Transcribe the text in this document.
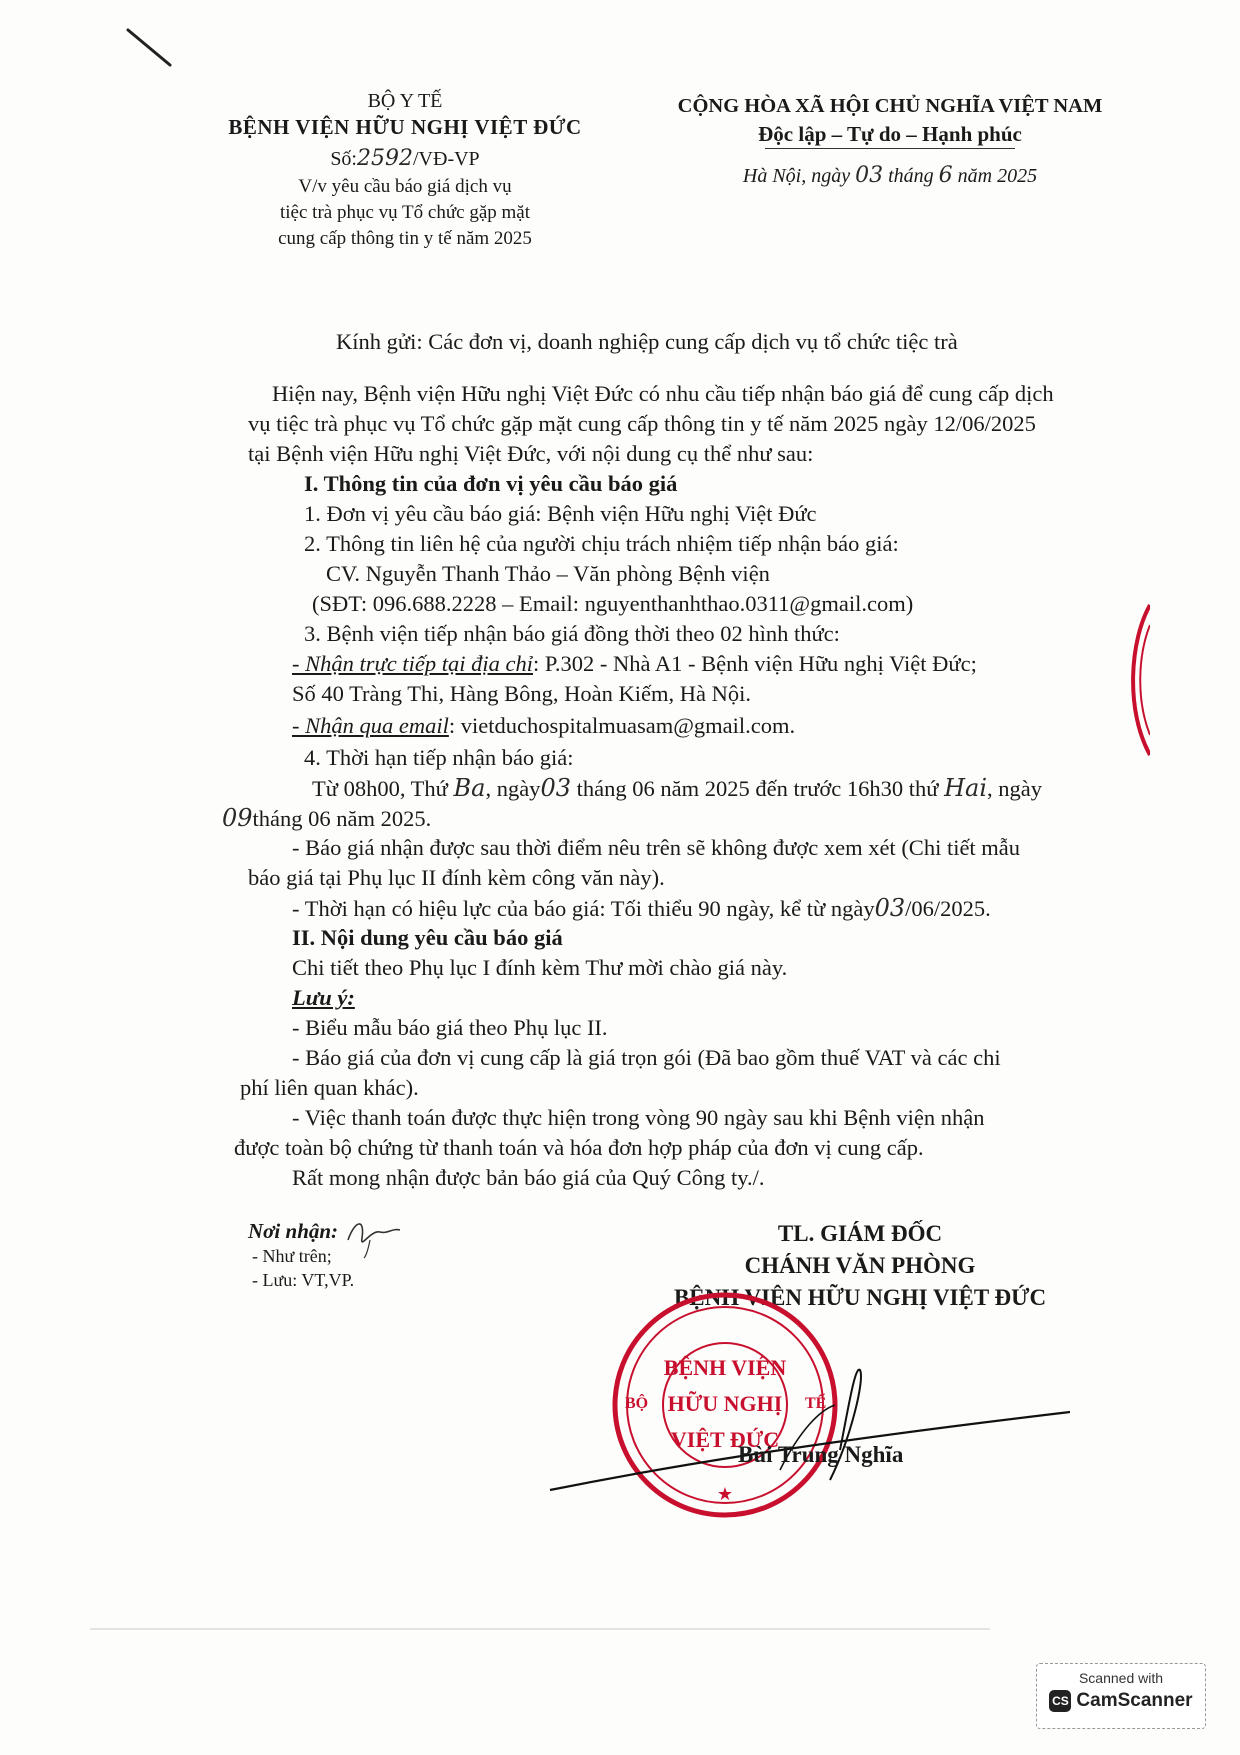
BỘ Y TẾ
BỆNH VIỆN HỮU NGHỊ VIỆT ĐỨC
Số:2592/VĐ-VP
V/v yêu cầu báo giá dịch vụ
tiệc trà phục vụ Tổ chức gặp mặt
cung cấp thông tin y tế năm 2025
CỘNG HÒA XÃ HỘI CHỦ NGHĨA VIỆT NAM
Độc lập – Tự do – Hạnh phúc
Hà Nội, ngày 03 tháng 6 năm 2025
Kính gửi: Các đơn vị, doanh nghiệp cung cấp dịch vụ tổ chức tiệc trà
Hiện nay, Bệnh viện Hữu nghị Việt Đức có nhu cầu tiếp nhận báo giá để cung cấp dịch
vụ tiệc trà phục vụ Tổ chức gặp mặt cung cấp thông tin y tế năm 2025 ngày 12/06/2025
tại Bệnh viện Hữu nghị Việt Đức, với nội dung cụ thể như sau:
I. Thông tin của đơn vị yêu cầu báo giá
1. Đơn vị yêu cầu báo giá: Bệnh viện Hữu nghị Việt Đức
2. Thông tin liên hệ của người chịu trách nhiệm tiếp nhận báo giá:
CV. Nguyễn Thanh Thảo – Văn phòng Bệnh viện
(SĐT: 096.688.2228 – Email: nguyenthanhthao.0311@gmail.com)
3. Bệnh viện tiếp nhận báo giá đồng thời theo 02 hình thức:
- Nhận trực tiếp tại địa chỉ: P.302 - Nhà A1 - Bệnh viện Hữu nghị Việt Đức;
Số 40 Tràng Thi, Hàng Bông, Hoàn Kiếm, Hà Nội.
- Nhận qua email: vietduchospitalmuasam@gmail.com.
4. Thời hạn tiếp nhận báo giá:
Từ 08h00, Thứ Ba, ngày03 tháng 06 năm 2025 đến trước 16h30 thứ Hai, ngày
09tháng 06 năm 2025.
- Báo giá nhận được sau thời điểm nêu trên sẽ không được xem xét (Chi tiết mẫu
báo giá tại Phụ lục II đính kèm công văn này).
- Thời hạn có hiệu lực của báo giá: Tối thiểu 90 ngày, kể từ ngày03/06/2025.
II. Nội dung yêu cầu báo giá
Chi tiết theo Phụ lục I đính kèm Thư mời chào giá này.
Lưu ý:
- Biểu mẫu báo giá theo Phụ lục II.
- Báo giá của đơn vị cung cấp là giá trọn gói (Đã bao gồm thuế VAT và các chi
phí liên quan khác).
- Việc thanh toán được thực hiện trong vòng 90 ngày sau khi Bệnh viện nhận
được toàn bộ chứng từ thanh toán và hóa đơn hợp pháp của đơn vị cung cấp.
Rất mong nhận được bản báo giá của Quý Công ty./.
Nơi nhận:
- Như trên;
- Lưu: VT,VP.
TL. GIÁM ĐỐC
CHÁNH VĂN PHÒNG
BỆNH VIỆN HỮU NGHỊ VIỆT ĐỨC
★
BỘ	TẾ
BỆNH VIỆN
HỮU NGHỊ
VIỆT ĐỨC
Bùi Trung Nghĩa
Scanned with
CS CamScanner
